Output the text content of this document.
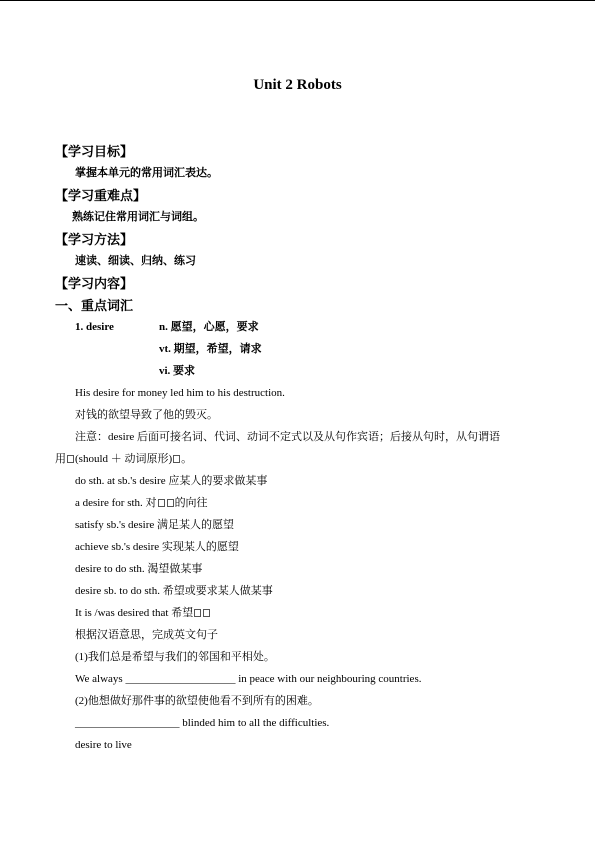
Unit 2 Robots
【学习目标】
掌握本单元的常用词汇表达。
【学习重难点】
熟练记住常用词汇与词组。
【学习方法】
速读、细读、归纳、练习
【学习内容】
一、重点词汇
1. desire	n. 愿望，心愿，要求
vt. 期望，希望，请求
vi. 要求
His desire for money led him to his destruction.
对钱的欲望导致了他的毁灭。
注意：desire 后面可接名词、代词、动词不定式以及从句作宾语；后接从句时，从句谓语
用 (should ＋ 动词原形) 。
do sth. at sb.'s desire 应某人的要求做某事
a desire for sth. 对 的向往
satisfy sb.'s desire 满足某人的愿望
achieve sb.'s desire 实现某人的愿望
desire to do sth. 渴望做某事
desire sb. to do sth. 希望或要求某人做某事
It is /was desired that 希望
根据汉语意思，完成英文句子
(1)我们总是希望与我们的邻国和平相处。
We always ____________________ in peace with our neighbouring countries.
(2)他想做好那件事的欲望使他看不到所有的困难。
___________________ blinded him to all the difficulties.
desire to live
